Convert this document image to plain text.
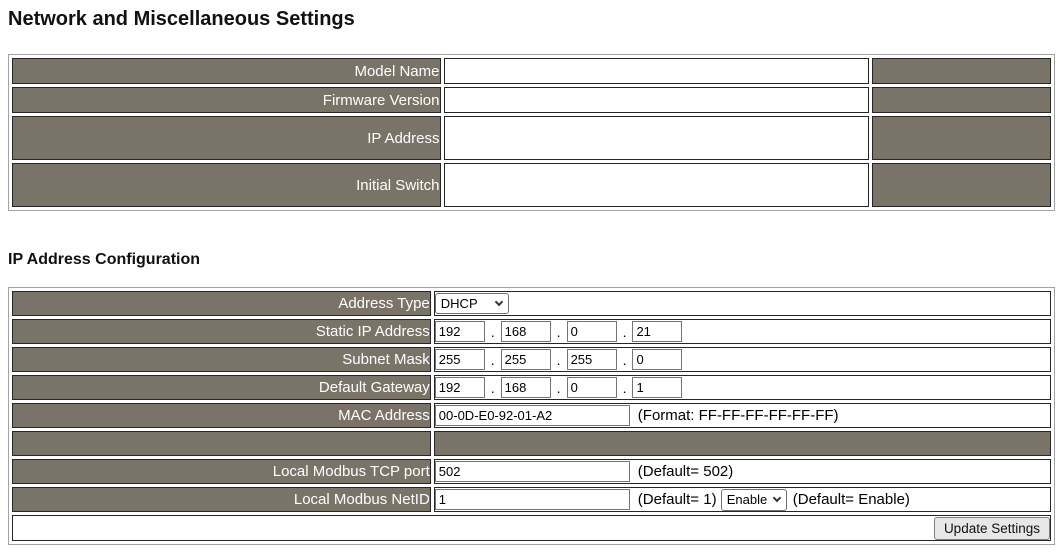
Network and Miscellaneous Settings
Model Name		
Firmware Version		
IP Address		
Initial Switch		
IP Address Configuration
Address Type	DHCP

Static IP Address	192.168 .0 .21
Subnet Mask	255.255 .255 .0
Default Gateway	192.168 .0 .1
MAC Address	00-0D-E0-92-01-A2(Format: FF-FF-FF-FF-FF-FF)

Local Modbus TCP port	502(Default= 502)
Local Modbus NetID	1(Default= 1) Enable (Default= Enable)
Update Settings	
